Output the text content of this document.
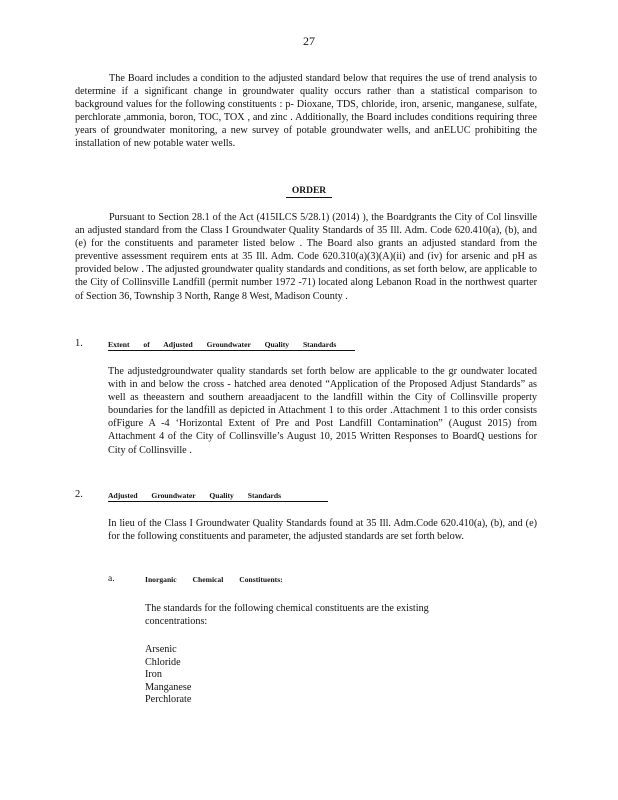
27

The Board includes a condition to the adjusted standard below that requires the use of trend analysis to determine if a significant change in groundwater quality occurs rather than a statistical comparison to background values for the following constituents : p- Dioxane, TDS, chloride, iron, arsenic, manganese, sulfate, perchlorate ,ammonia, boron, TOC, TOX , and zinc . Additionally, the Board includes conditions requiring three years of groundwater monitoring, a new survey of potable groundwater wells, and anELUC prohibiting the installation of new potable water wells.

ORDER

Pursuant to Section 28.1 of the Act (415ILCS 5/28.1) (2014) ), the Boardgrants the City of Col linsville an adjusted standard from the Class I Groundwater Quality Standards of 35 Ill. Adm. Code 620.410(a), (b), and (e) for the constituents and parameter listed below . The Board also grants an adjusted standard from the preventive assessment requirem ents at 35 Ill. Adm. Code 620.310(a)(3)(A)(ii) and (iv) for arsenic and pH as provided below . The adjusted groundwater quality standards and conditions, as set forth below, are applicable to the City of Collinsville Landfill (permit number 1972 -71) located along Lebanon Road in the northwest quarter of Section 36, Township 3 North, Range 8 West, Madison County .

1.	Extent of Adjusted Groundwater Quality Standards

The adjustedgroundwater quality standards set forth below are applicable to the gr oundwater located with in and below the cross - hatched area denoted “Application of the Proposed Adjust Standards” as well as theeastern and southern areaadjacent to the landfill within the City of Collinsville property boundaries for the landfill as depicted in Attachment 1 to this order .Attachment 1 to this order consists ofFigure A -4 ‘Horizontal Extent of Pre and Post Landfill Contamination” (August 2015) from Attachment 4 of the City of Collinsville’s August 10, 2015 Written Responses to BoardQ uestions for City of Collinsville .

2.	Adjusted Groundwater Quality Standards

In lieu of the Class I Groundwater Quality Standards found at 35 Ill. Adm.Code 620.410(a), (b), and (e) for the following constituents and parameter, the adjusted standards are set forth below.

a.	Inorganic Chemical Constituents:

The standards for the following chemical constituents are the existing concentrations:

Arsenic
Chloride
Iron
Manganese
Perchlorate
